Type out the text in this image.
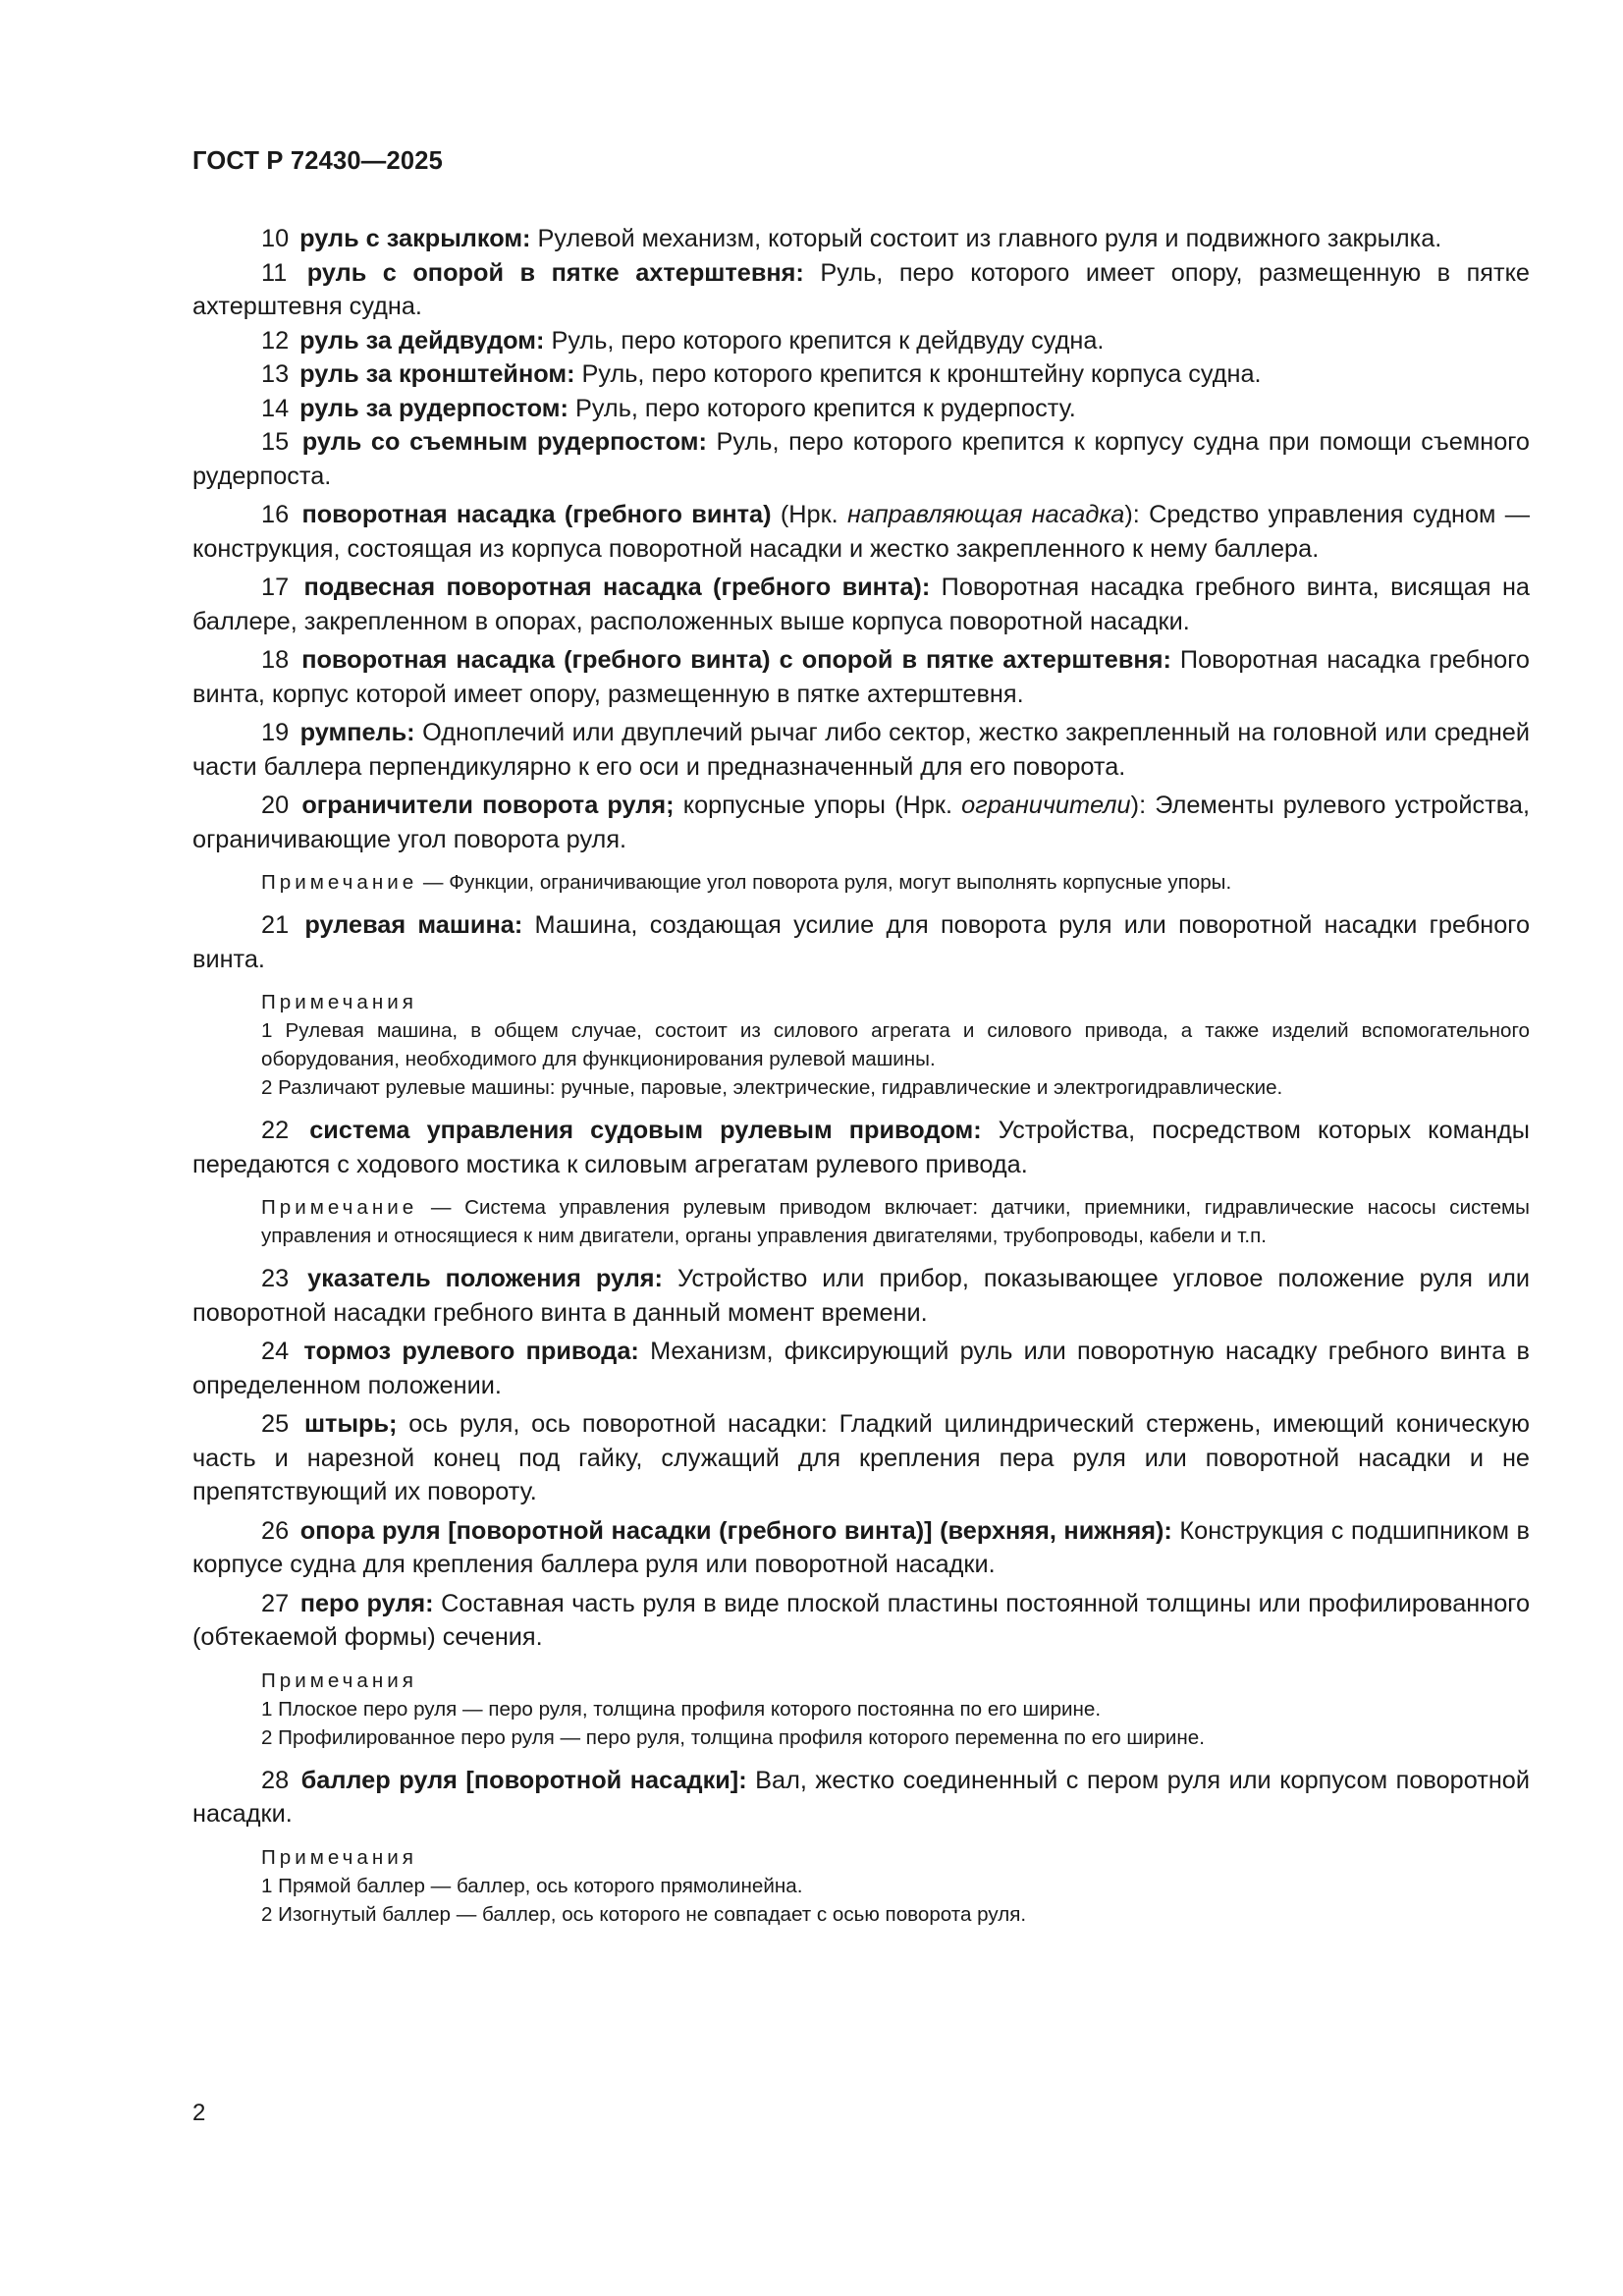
ГОСТ Р 72430—2025

10 руль с закрылком: Рулевой механизм, который состоит из главного руля и подвижного закрылка.

11 руль с опорой в пятке ахтерштевня: Руль, перо которого имеет опору, размещенную в пятке ахтерштевня судна.

12 руль за дейдвудом: Руль, перо которого крепится к дейдвуду судна.

13 руль за кронштейном: Руль, перо которого крепится к кронштейну корпуса судна.

14 руль за рудерпостом: Руль, перо которого крепится к рудерпосту.

15 руль со съемным рудерпостом: Руль, перо которого крепится к корпусу судна при помощи съемного рудерпоста.

16 поворотная насадка (гребного винта) (Нрк. направляющая насадка): Средство управления судном — конструкция, состоящая из корпуса поворотной насадки и жестко закрепленного к нему баллера.

17 подвесная поворотная насадка (гребного винта): Поворотная насадка гребного винта, висящая на баллере, закрепленном в опорах, расположенных выше корпуса поворотной насадки.

18 поворотная насадка (гребного винта) с опорой в пятке ахтерштевня: Поворотная насадка гребного винта, корпус которой имеет опору, размещенную в пятке ахтерштевня.

19 румпель: Одноплечий или двуплечий рычаг либо сектор, жестко закрепленный на головной или средней части баллера перпендикулярно к его оси и предназначенный для его поворота.

20 ограничители поворота руля; корпусные упоры (Нрк. ограничители): Элементы рулевого устройства, ограничивающие угол поворота руля.

Примечание — Функции, ограничивающие угол поворота руля, могут выполнять корпусные упоры.

21 рулевая машина: Машина, создающая усилие для поворота руля или поворотной насадки гребного винта.

Примечания

1 Рулевая машина, в общем случае, состоит из силового агрегата и силового привода, а также изделий вспомогательного оборудования, необходимого для функционирования рулевой машины.

2 Различают рулевые машины: ручные, паровые, электрические, гидравлические и электрогидравлические.

22 система управления судовым рулевым приводом: Устройства, посредством которых команды передаются с ходового мостика к силовым агрегатам рулевого привода.

Примечание — Система управления рулевым приводом включает: датчики, приемники, гидравлические насосы системы управления и относящиеся к ним двигатели, органы управления двигателями, трубопроводы, кабели и т.п.

23 указатель положения руля: Устройство или прибор, показывающее угловое положение руля или поворотной насадки гребного винта в данный момент времени.

24 тормоз рулевого привода: Механизм, фиксирующий руль или поворотную насадку гребного винта в определенном положении.

25 штырь; ось руля, ось поворотной насадки: Гладкий цилиндрический стержень, имеющий коническую часть и нарезной конец под гайку, служащий для крепления пера руля или поворотной насадки и не препятствующий их повороту.

26 опора руля [поворотной насадки (гребного винта)] (верхняя, нижняя): Конструкция с подшипником в корпусе судна для крепления баллера руля или поворотной насадки.

27 перо руля: Составная часть руля в виде плоской пластины постоянной толщины или профилированного (обтекаемой формы) сечения.

Примечания

1 Плоское перо руля — перо руля, толщина профиля которого постоянна по его ширине.

2 Профилированное перо руля — перо руля, толщина профиля которого переменна по его ширине.

28 баллер руля [поворотной насадки]: Вал, жестко соединенный с пером руля или корпусом поворотной насадки.

Примечания

1 Прямой баллер — баллер, ось которого прямолинейна.

2 Изогнутый баллер — баллер, ось которого не совпадает с осью поворота руля.

2
